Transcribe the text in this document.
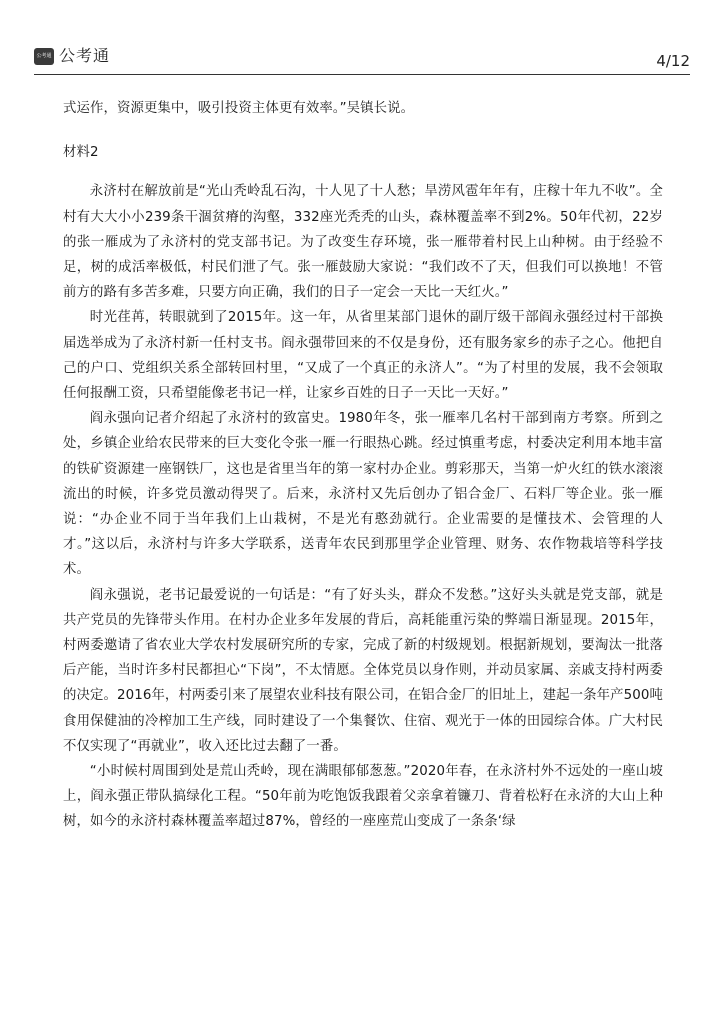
公考通 公考通	4/12

式运作，资源更集中，吸引投资主体更有效率。”吴镇长说。

材料2

永济村在解放前是“光山秃岭乱石沟，十人见了十人愁；旱涝风雹年年有，庄稼十年九不收”。全村有大大小小239条干涸贫瘠的沟壑，332座光秃秃的山头，森林覆盖率不到2%。50年代初，22岁的张一雁成为了永济村的党支部书记。为了改变生存环境，张一雁带着村民上山种树。由于经验不足，树的成活率极低，村民们泄了气。张一雁鼓励大家说：“我们改不了天，但我们可以换地！不管前方的路有多苦多难，只要方向正确，我们的日子一定会一天比一天红火。”

时光荏苒，转眼就到了2015年。这一年，从省里某部门退休的副厅级干部阎永强经过村干部换届选举成为了永济村新一任村支书。阎永强带回来的不仅是身份，还有服务家乡的赤子之心。他把自己的户口、党组织关系全部转回村里，“又成了一个真正的永济人”。“为了村里的发展，我不会领取任何报酬工资，只希望能像老书记一样，让家乡百姓的日子一天比一天好。”

阎永强向记者介绍起了永济村的致富史。1980年冬，张一雁率几名村干部到南方考察。所到之处，乡镇企业给农民带来的巨大变化令张一雁一行眼热心跳。经过慎重考虑，村委决定利用本地丰富的铁矿资源建一座钢铁厂，这也是省里当年的第一家村办企业。剪彩那天，当第一炉火红的铁水滚滚流出的时候，许多党员激动得哭了。后来，永济村又先后创办了铝合金厂、石料厂等企业。张一雁说：“办企业不同于当年我们上山栽树，不是光有憨劲就行。企业需要的是懂技术、会管理的人才。”这以后，永济村与许多大学联系，送青年农民到那里学企业管理、财务、农作物栽培等科学技术。

阎永强说，老书记最爱说的一句话是：“有了好头头，群众不发愁。”这好头头就是党支部，就是共产党员的先锋带头作用。在村办企业多年发展的背后，高耗能重污染的弊端日渐显现。2015年，村两委邀请了省农业大学农村发展研究所的专家，完成了新的村级规划。根据新规划，要淘汰一批落后产能，当时许多村民都担心“下岗”，不太情愿。全体党员以身作则，并动员家属、亲戚支持村两委的决定。2016年，村两委引来了展望农业科技有限公司，在铝合金厂的旧址上，建起一条年产500吨食用保健油的冷榨加工生产线，同时建设了一个集餐饮、住宿、观光于一体的田园综合体。广大村民不仅实现了“再就业”，收入还比过去翻了一番。

“小时候村周围到处是荒山秃岭，现在满眼郁郁葱葱。”2020年春，在永济村外不远处的一座山坡上，阎永强正带队搞绿化工程。“50年前为吃饱饭我跟着父亲拿着镰刀、背着松籽在永济的大山上种树，如今的永济村森林覆盖率超过87%，曾经的一座座荒山变成了一条条‘绿
